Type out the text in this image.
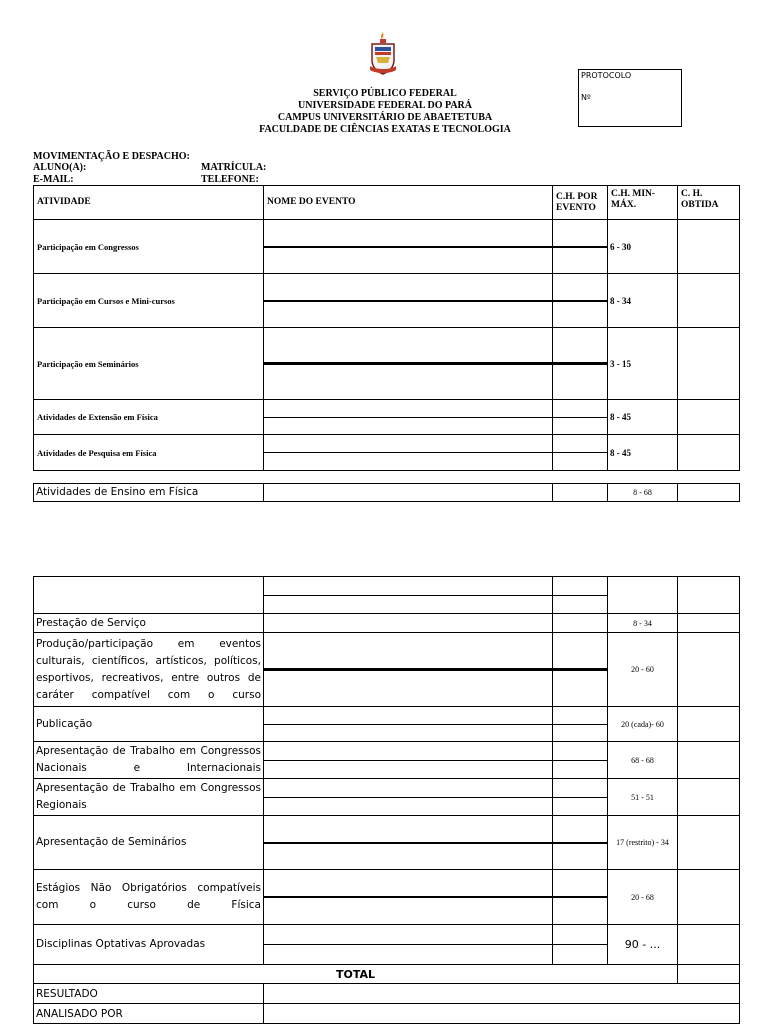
SERVIÇO PÚBLICO FEDERAL
UNIVERSIDADE FEDERAL DO PARÁ
CAMPUS UNIVERSITÁRIO DE ABAETETUBA
FACULDADE DE CIÊNCIAS EXATAS E TECNOLOGIA
PROTOCOLO
Nº
MOVIMENTAÇÃO E DESPACHO:
ALUNO(A):	MATRÍCULA:
E-MAIL:	TELEFONE:
ATIVIDADE	NOME DO EVENTO	C.H. POR EVENTO	C.H. MIN-MÁX.	C. H. OBTIDA
Participação em Congressos			6 - 30	
Participação em Cursos e Mini-cursos			8 - 34	
Participação em Seminários			3 - 15	
Atividades de Extensão em Física			8 - 45	
Atividades de Pesquisa em Física			8 - 45	
Atividades de Ensino em Física			8 - 68	

Prestação de Serviço			8 - 34	
Produção/participação em eventos culturais, científicos, artísticos, políticos, esportivos, recreativos, entre outros de caráter compatível com o curso			20 - 60	
Publicação			20 (cada)- 60	
Apresentação de Trabalho em Congressos Nacionais e Internacionais			68 - 68	
Apresentação de Trabalho em Congressos Regionais			51 - 51	
Apresentação de Seminários			17 (restrito) - 34	
Estágios Não Obrigatórios compatíveis com o curso de Física			20 - 68	
Disciplinas Optativas Aprovadas			90 - ...	
TOTAL				
RESULTADO				
ANALISADO POR				
